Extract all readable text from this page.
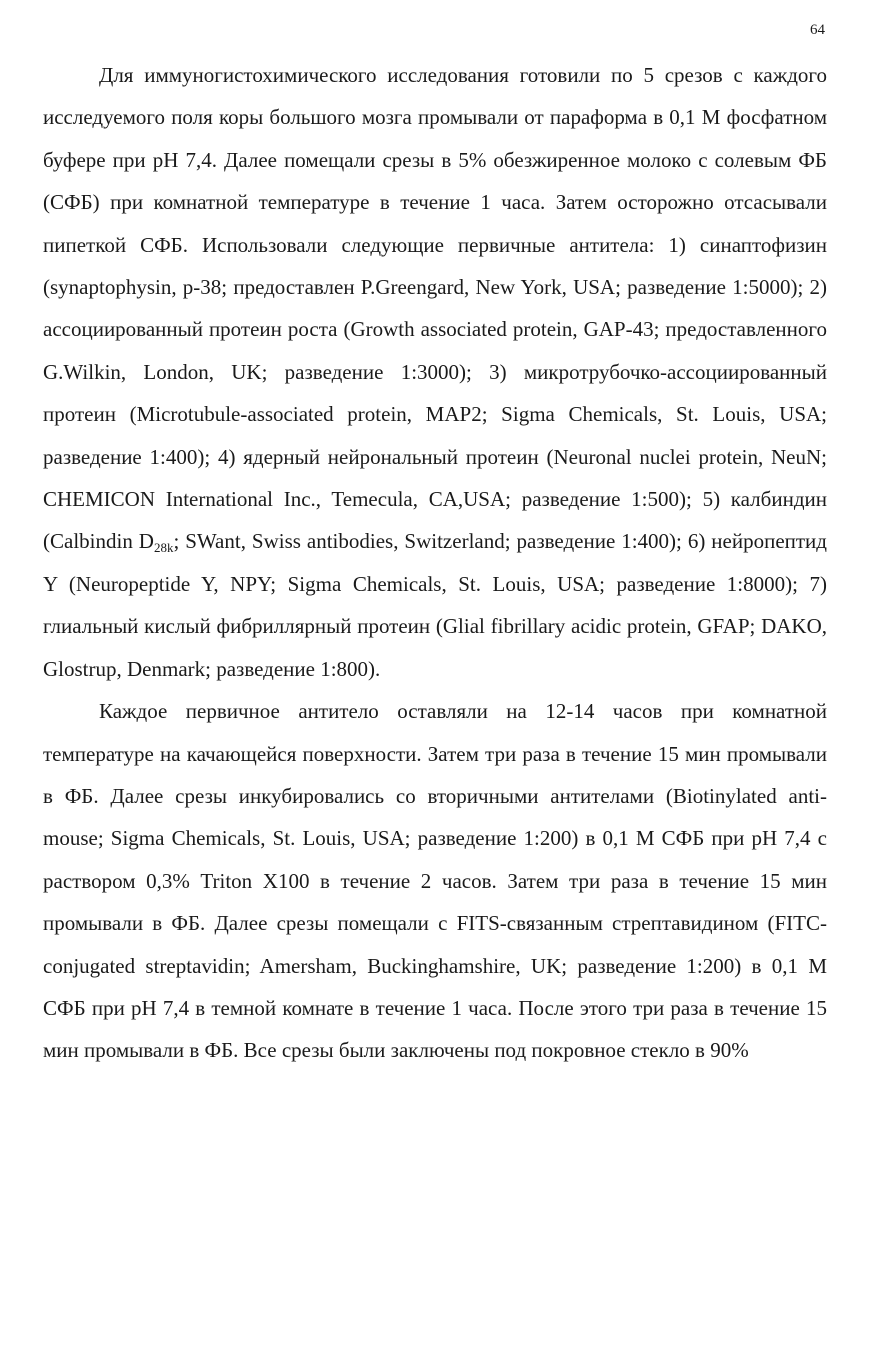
64

Для иммуногистохимического исследования готовили по 5 срезов с каждого исследуемого поля коры большого мозга промывали от параформа в 0,1 М фосфатном буфере при pH 7,4. Далее помещали срезы в 5% обезжиренное молоко с солевым ФБ (СФБ) при комнатной температуре в течение 1 часа. Затем осторожно отсасывали пипеткой СФБ. Использовали следующие первичные антитела: 1) синаптофизин (synaptophysin, p-38; предоставлен P.Greengard, New York, USA; разведение 1:5000); 2) ассоциированный протеин роста (Growth associated protein, GAP-43; предоставленного G.Wilkin, London, UK; разведение 1:3000); 3) микротрубочко-ассоциированный протеин (Microtubule-associated protein, MAP2; Sigma Chemicals, St. Louis, USA; разведение 1:400); 4) ядерный нейрональный протеин (Neuronal nuclei protein, NeuN; CHEMICON International Inc., Temecula, CA,USA; разведение 1:500); 5) калбиндин (Calbindin $D_{28k}$; SWant, Swiss antibodies, Switzerland; разведение 1:400); 6) нейропептид Y (Neuropeptide Y, NPY; Sigma Chemicals, St. Louis, USA; разведение 1:8000); 7) глиальный кислый фибриллярный протеин (Glial fibrillary acidic protein, GFAP; DAKO, Glostrup, Denmark; разведение 1:800).

Каждое первичное антитело оставляли на 12-14 часов при комнатной температуре на качающейся поверхности. Затем три раза в течение 15 мин промывали в ФБ. Далее срезы инкубировались со вторичными антителами (Biotinylated anti-mouse; Sigma Chemicals, St. Louis, USA; разведение 1:200) в 0,1 М СФБ при pH 7,4 с раствором 0,3% Triton X100 в течение 2 часов. Затем три раза в течение 15 мин промывали в ФБ. Далее срезы помещали с FITS-связанным стрептавидином (FITC-conjugated streptavidin; Amersham, Buckinghamshire, UK; разведение 1:200) в 0,1 М СФБ при pH 7,4 в темной комнате в течение 1 часа. После этого три раза в течение 15 мин промывали в ФБ. Все срезы были заключены под покровное стекло в 90%
